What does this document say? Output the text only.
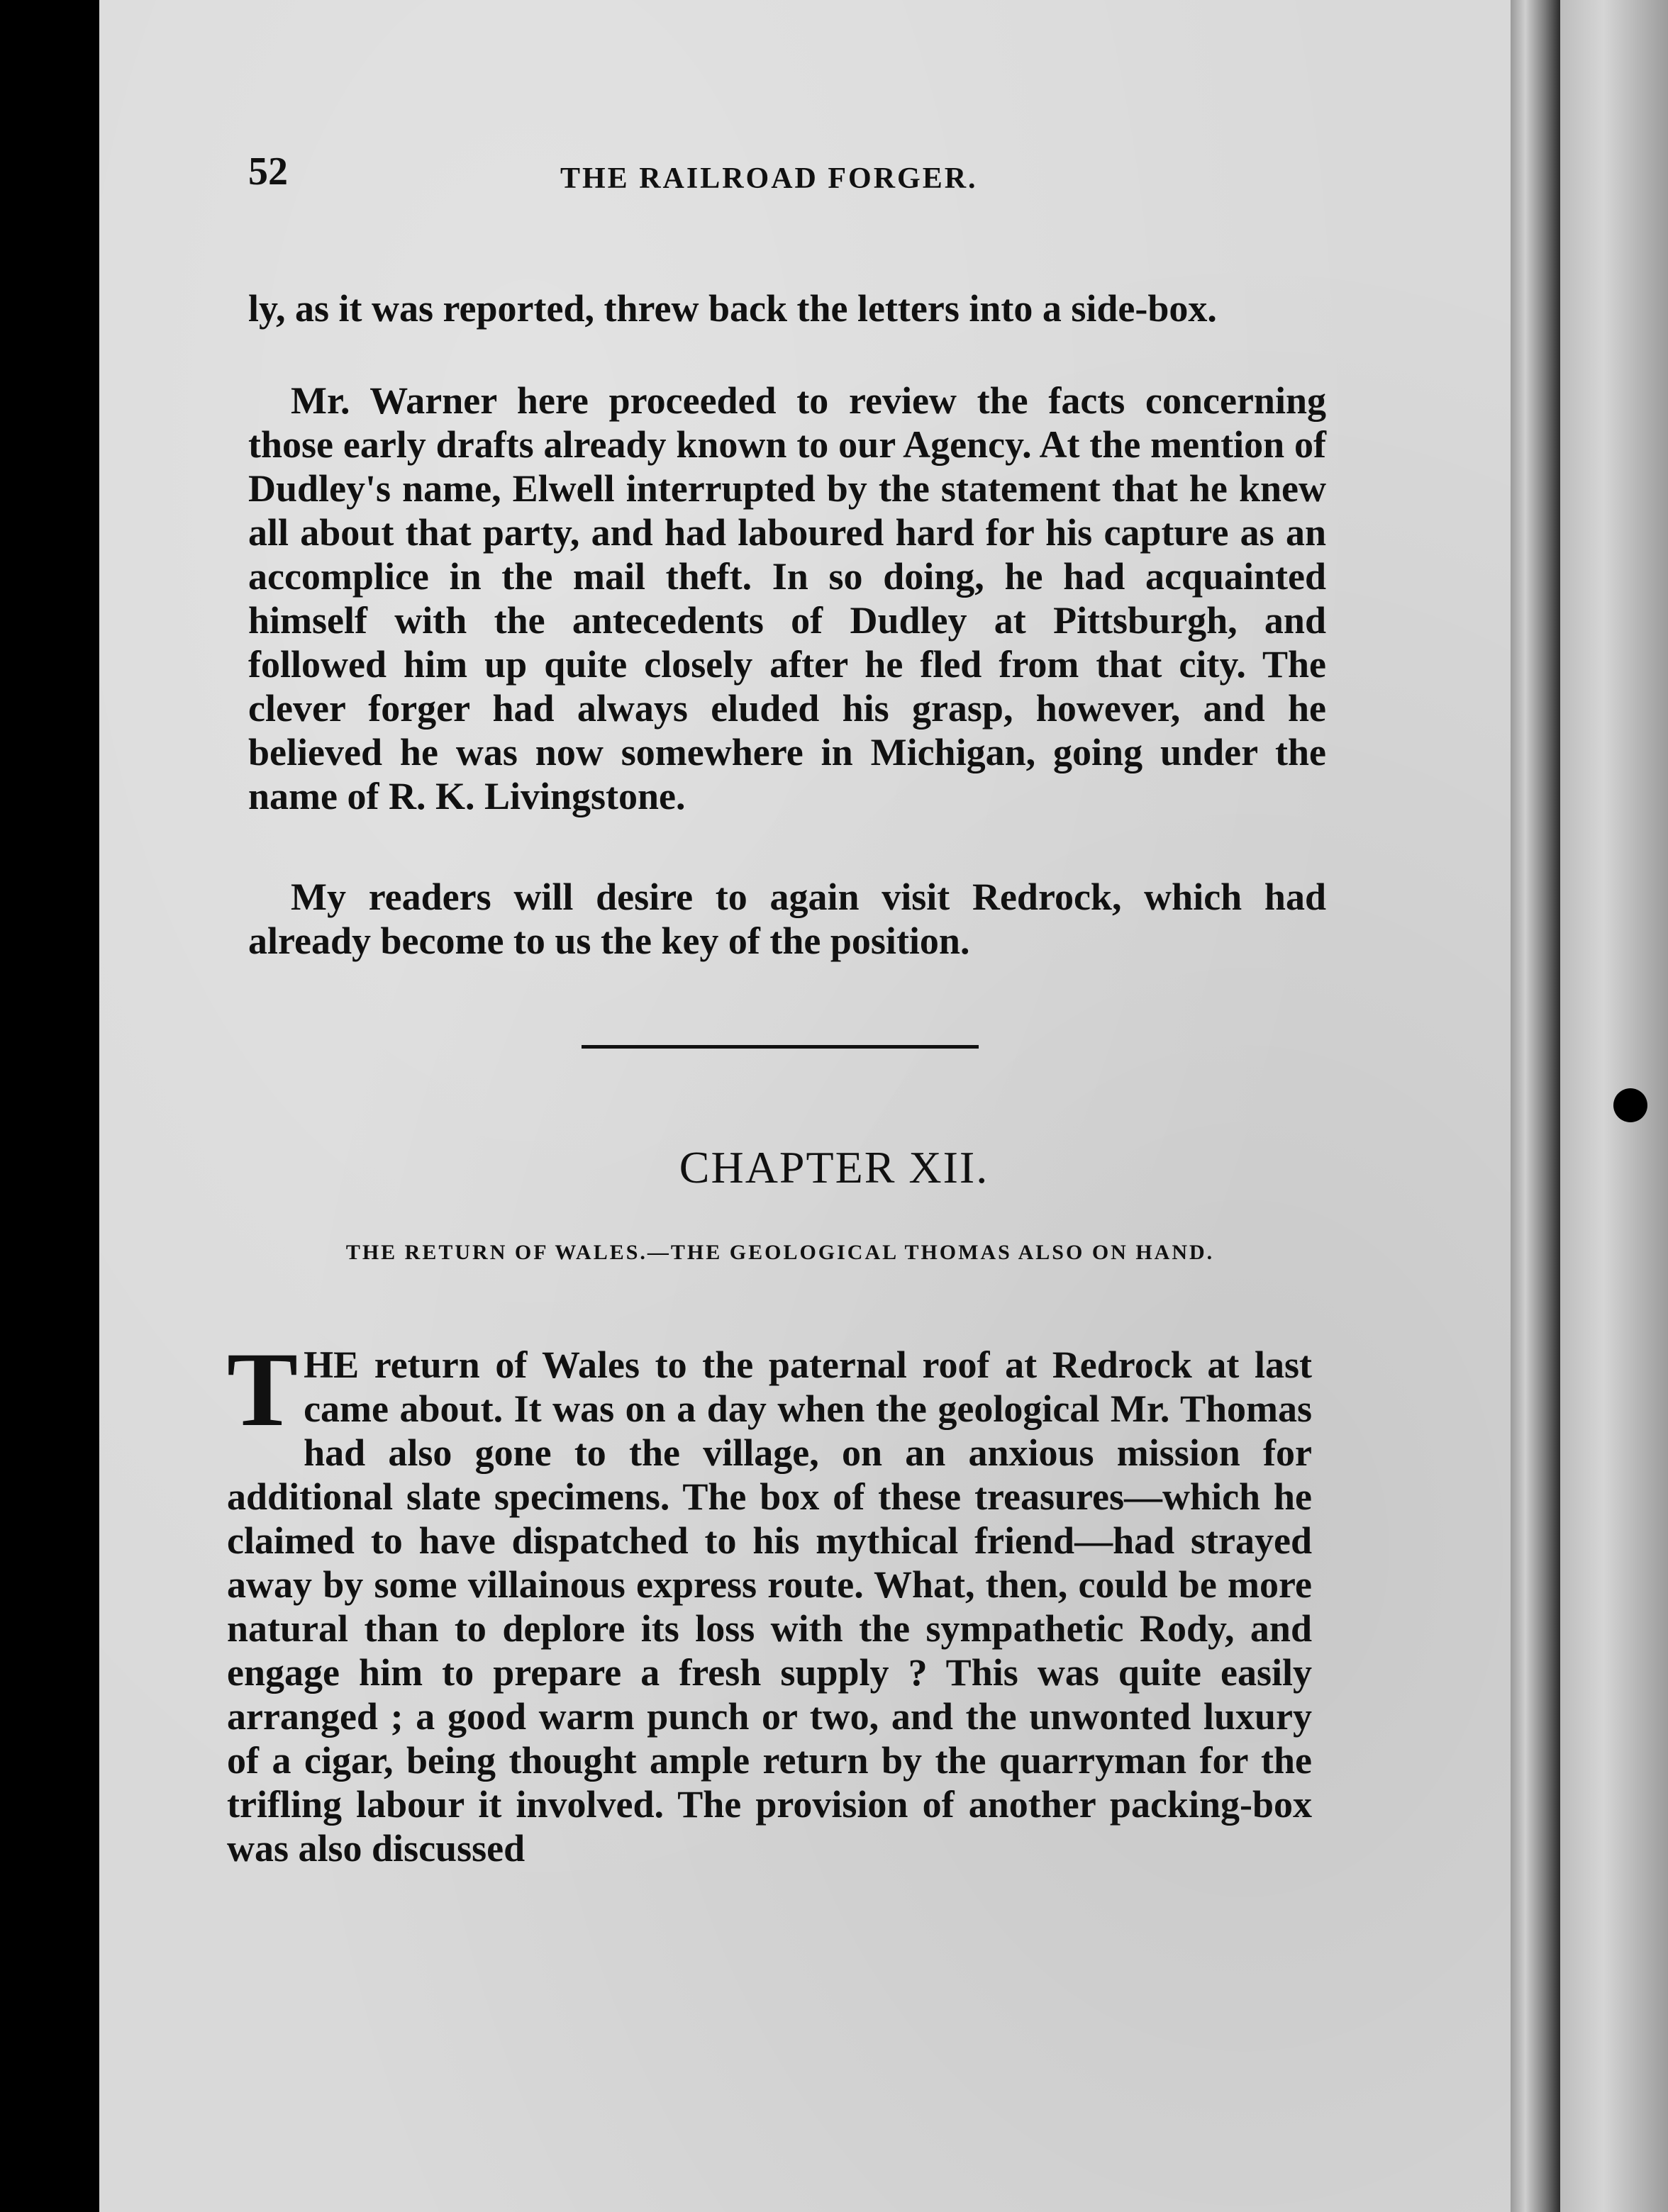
52	THE RAILROAD FORGER.

ly, as it was reported, threw back the letters into a side-box.

Mr. Warner here proceeded to review the facts concerning those early drafts already known to our Agency. At the mention of Dudley's name, Elwell interrupted by the statement that he knew all about that party, and had laboured hard for his capture as an accomplice in the mail theft. In so doing, he had acquainted himself with the antecedents of Dudley at Pittsburgh, and followed him up quite closely after he fled from that city. The clever forger had always eluded his grasp, however, and he believed he was now somewhere in Michigan, going under the name of R. K. Livingstone.

My readers will desire to again visit Redrock, which had already become to us the key of the position.

CHAPTER XII.
THE RETURN OF WALES.—THE GEOLOGICAL THOMAS ALSO ON HAND.

THE return of Wales to the paternal roof at Redrock at last came about. It was on a day when the geological Mr. Thomas had also gone to the village, on an anxious mission for additional slate specimens. The box of these treasures—which he claimed to have dispatched to his mythical friend—had strayed away by some villainous express route. What, then, could be more natural than to deplore its loss with the sympathetic Rody, and engage him to prepare a fresh supply ? This was quite easily arranged ; a good warm punch or two, and the unwonted luxury of a cigar, being thought ample return by the quarryman for the trifling labour it involved. The provision of another packing-box was also discussed
